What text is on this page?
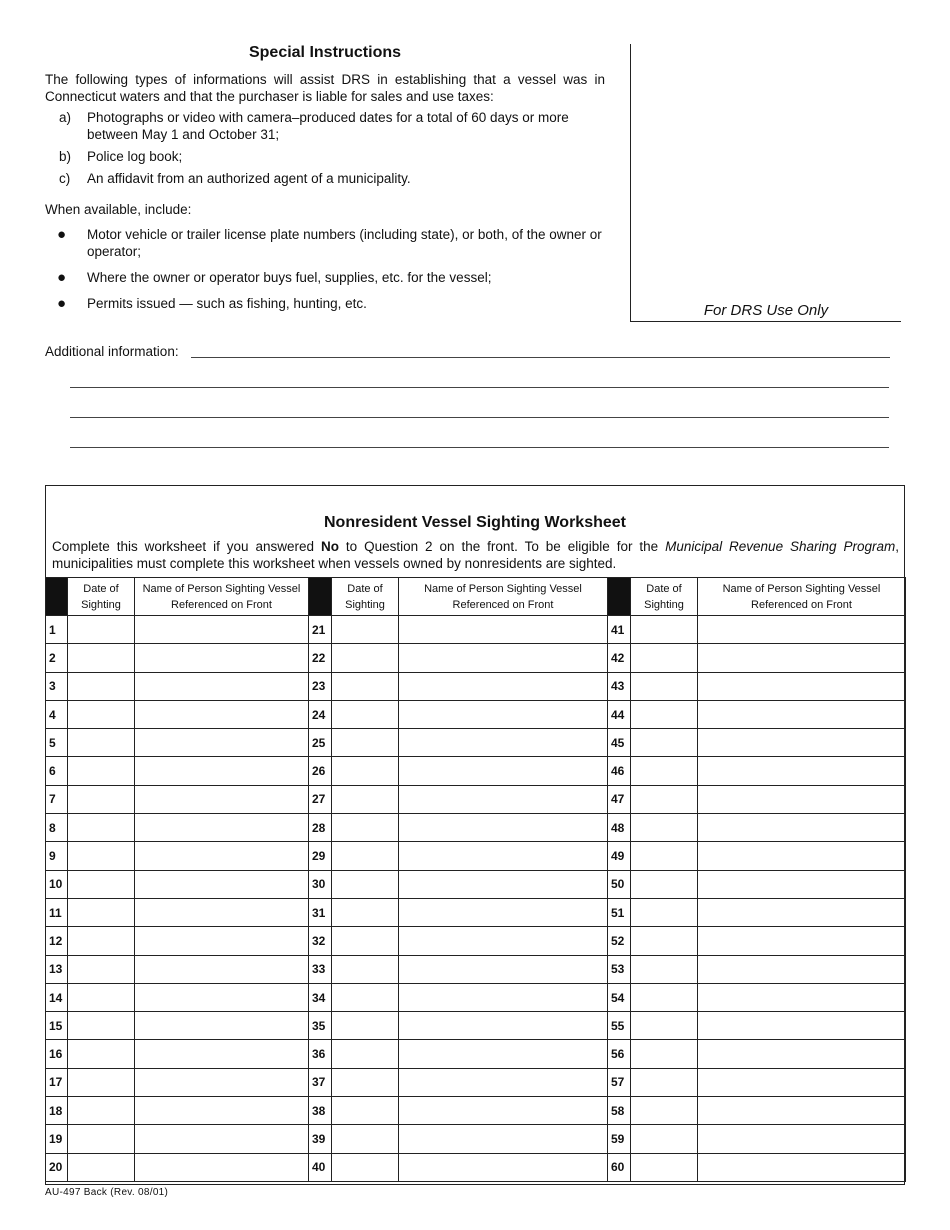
Special Instructions
The following types of informations will assist DRS in establishing that a vessel was in Connecticut waters and that the purchaser is liable for sales and use taxes:
a) Photographs or video with camera–produced dates for a total of 60 days or more between May 1 and October 31;
b) Police log book;
c) An affidavit from an authorized agent of a municipality.
When available, include:
● Motor vehicle or trailer license plate numbers (including state), or both, of the owner or operator;
● Where the owner or operator buys fuel, supplies, etc. for the vessel;
● Permits issued — such as fishing, hunting, etc.	For DRS Use Only
Additional information:
Nonresident Vessel Sighting Worksheet
Complete this worksheet if you answered No to Question 2 on the front. To be eligible for the Municipal Revenue Sharing Program, municipalities must complete this worksheet when vessels owned by nonresidents are sighted.
	Date of Sighting	Name of Person Sighting Vessel Referenced on Front		Date of Sighting	Name of Person Sighting Vessel Referenced on Front		Date of Sighting	Name of Person Sighting Vessel Referenced on Front
1			21			41		
2			22			42		
3			23			43		
4			24			44		
5			25			45		
6			26			46		
7			27			47		
8			28			48		
9			29			49		
10			30			50		
11			31			51		
12			32			52		
13			33			53		
14			34			54		
15			35			55		
16			36			56		
17			37			57		
18			38			58		
19			39			59		
20			40			60		
AU-497 Back (Rev. 08/01)
